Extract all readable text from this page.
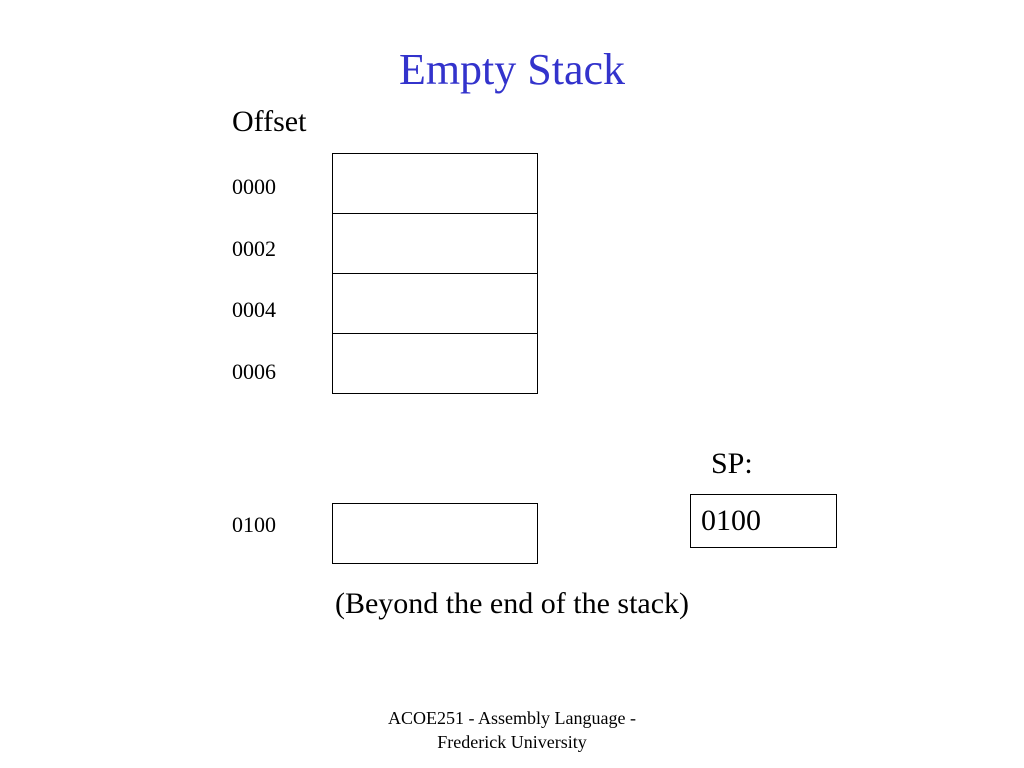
Empty Stack
Offset
0000
0002
0004
0006
0100
SP:
0100
(Beyond the end of the stack)
ACOE251 - Assembly Language -
Frederick University
